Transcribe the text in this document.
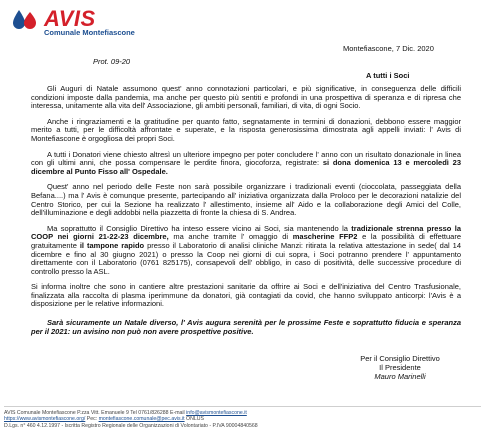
AVIS
Comunale Montefiascone
Montefiascone, 7 Dic. 2020
Prot. 09-20
A tutti i Soci

Gli Auguri di Natale assumono quest' anno connotazioni particolari, e più significative, in conseguenza delle difficili condizioni imposte dalla pandemia, ma anche per questo più sentiti e profondi in una prospettiva di speranza e di ripresa che interessa, unitamente alla vita dell' Associazione, gli ambiti personali, familiari, di vita, di ogni Socio.

Anche i ringraziamenti e la gratitudine per quanto fatto, segnatamente in termini di donazioni, debbono essere maggior merito a tutti, per le difficoltà affrontate e superate, e la risposta generosissima dimostrata agli appelli inviati: l' Avis di Montefiascone è orgogliosa dei propri Soci.

A tutti i Donatori viene chiesto altresì un ulteriore impegno per poter concludere l' anno con un risultato donazionale in linea con gli ultimi anni, che possa compensare le perdite finora, giocoforza, registrate: si dona domenica 13 e mercoledì 23 dicembre al Punto Fisso all' Ospedale.

Quest' anno nel periodo delle Feste non sarà possibile organizzare i tradizionali eventi (cioccolata, passeggiata della Befana....) ma l' Avis è comunque presente, partecipando all' iniziativa organizzata dalla Proloco per le decorazioni natalizie del Centro Storico, per cui la Sezione ha realizzato l' allestimento, insieme all' Aido e la collaborazione degli Amici del Colle, dell'illuminazione e degli addobbi nella piazzetta di fronte la chiesa di S. Andrea.

Ma soprattutto il Consiglio Direttivo ha inteso essere vicino ai Soci, sia mantenendo la tradizionale strenna presso la COOP nei giorni 21-22-23 dicembre, ma anche tramite l' omaggio di mascherine FFP2 e la possibilità di effettuare gratuitamente il tampone rapido presso il Laboratorio di analisi cliniche Manzi: ritirata la relativa attestazione in sede( dal 14 dicembre e fino al 30 giugno 2021) o presso la Coop nei giorni di cui sopra, i Soci potranno prendere l' appuntamento direttamente con il Laboratorio (0761 825175), consapevoli dell' obbligo, in caso di positività, delle successive procedure di controllo presso la ASL.

Si informa inoltre che sono in cantiere altre prestazioni sanitarie da offrire ai Soci e dell'iniziativa del Centro Trasfusionale, finalizzata alla raccolta di plasma iperimmune da donatori, già contagiati da covid, che hanno sviluppato anticorpi: l'Avis è a disposizione per le relative informazioni.

Sarà sicuramente un Natale diverso, l' Avis augura serenità per le prossime Feste e soprattutto fiducia e speranza per il 2021: un avisino non può non avere prospettive positive.

Per il Consiglio Direttivo
Il Presidente
Mauro Marinelli
AVIS Comunale Montefiascone P.zza Vitt. Emanuele 9 Tel 0761/826288 E-mail info@avismontefiascone.it
https://www.avismontefiascone.org/ Pec: montefiascone.comunale@pec.avis.it ONLUS
D.Lgs. n° 460 4.12.1997 - Iscritta Registro Regionale delle Organizzazioni di Volontariato - P.IVA 90004840568
